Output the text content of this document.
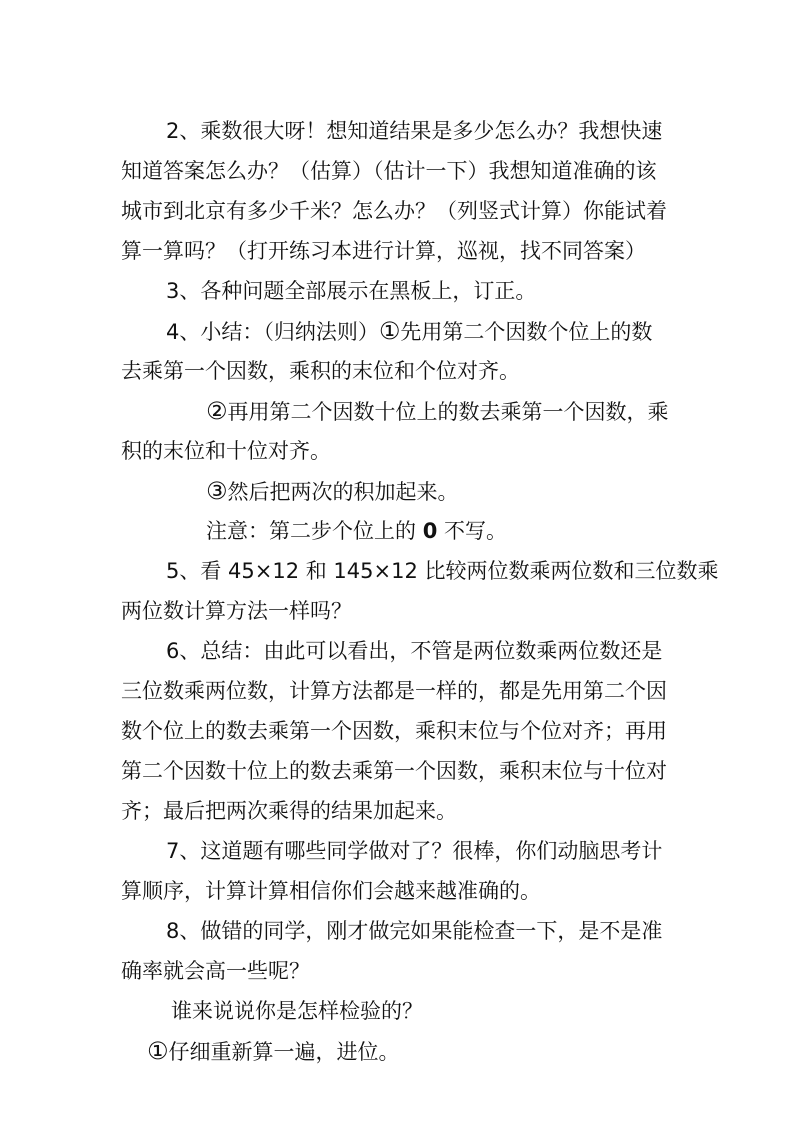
2、乘数很大呀！想知道结果是多少怎么办？我想快速
知道答案怎么办？（估算）（估计一下）我想知道准确的该
城市到北京有多少千米？怎么办？（列竖式计算）你能试着
算一算吗？（打开练习本进行计算，巡视，找不同答案）
3、各种问题全部展示在黑板上，订正。
4、小结：（归纳法则）①先用第二个因数个位上的数
去乘第一个因数，乘积的末位和个位对齐。
②再用第二个因数十位上的数去乘第一个因数，乘
积的末位和十位对齐。
③然后把两次的积加起来。
注意：第二步个位上的 0 不写。
5、看 45×12 和 145×12 比较两位数乘两位数和三位数乘
两位数计算方法一样吗？
6、总结：由此可以看出，不管是两位数乘两位数还是
三位数乘两位数，计算方法都是一样的，都是先用第二个因
数个位上的数去乘第一个因数，乘积末位与个位对齐；再用
第二个因数十位上的数去乘第一个因数，乘积末位与十位对
齐；最后把两次乘得的结果加起来。
7、这道题有哪些同学做对了？很棒，你们动脑思考计
算顺序，计算计算相信你们会越来越准确的。
8、做错的同学，刚才做完如果能检查一下，是不是准
确率就会高一些呢？
谁来说说你是怎样检验的？
①仔细重新算一遍，进位。
